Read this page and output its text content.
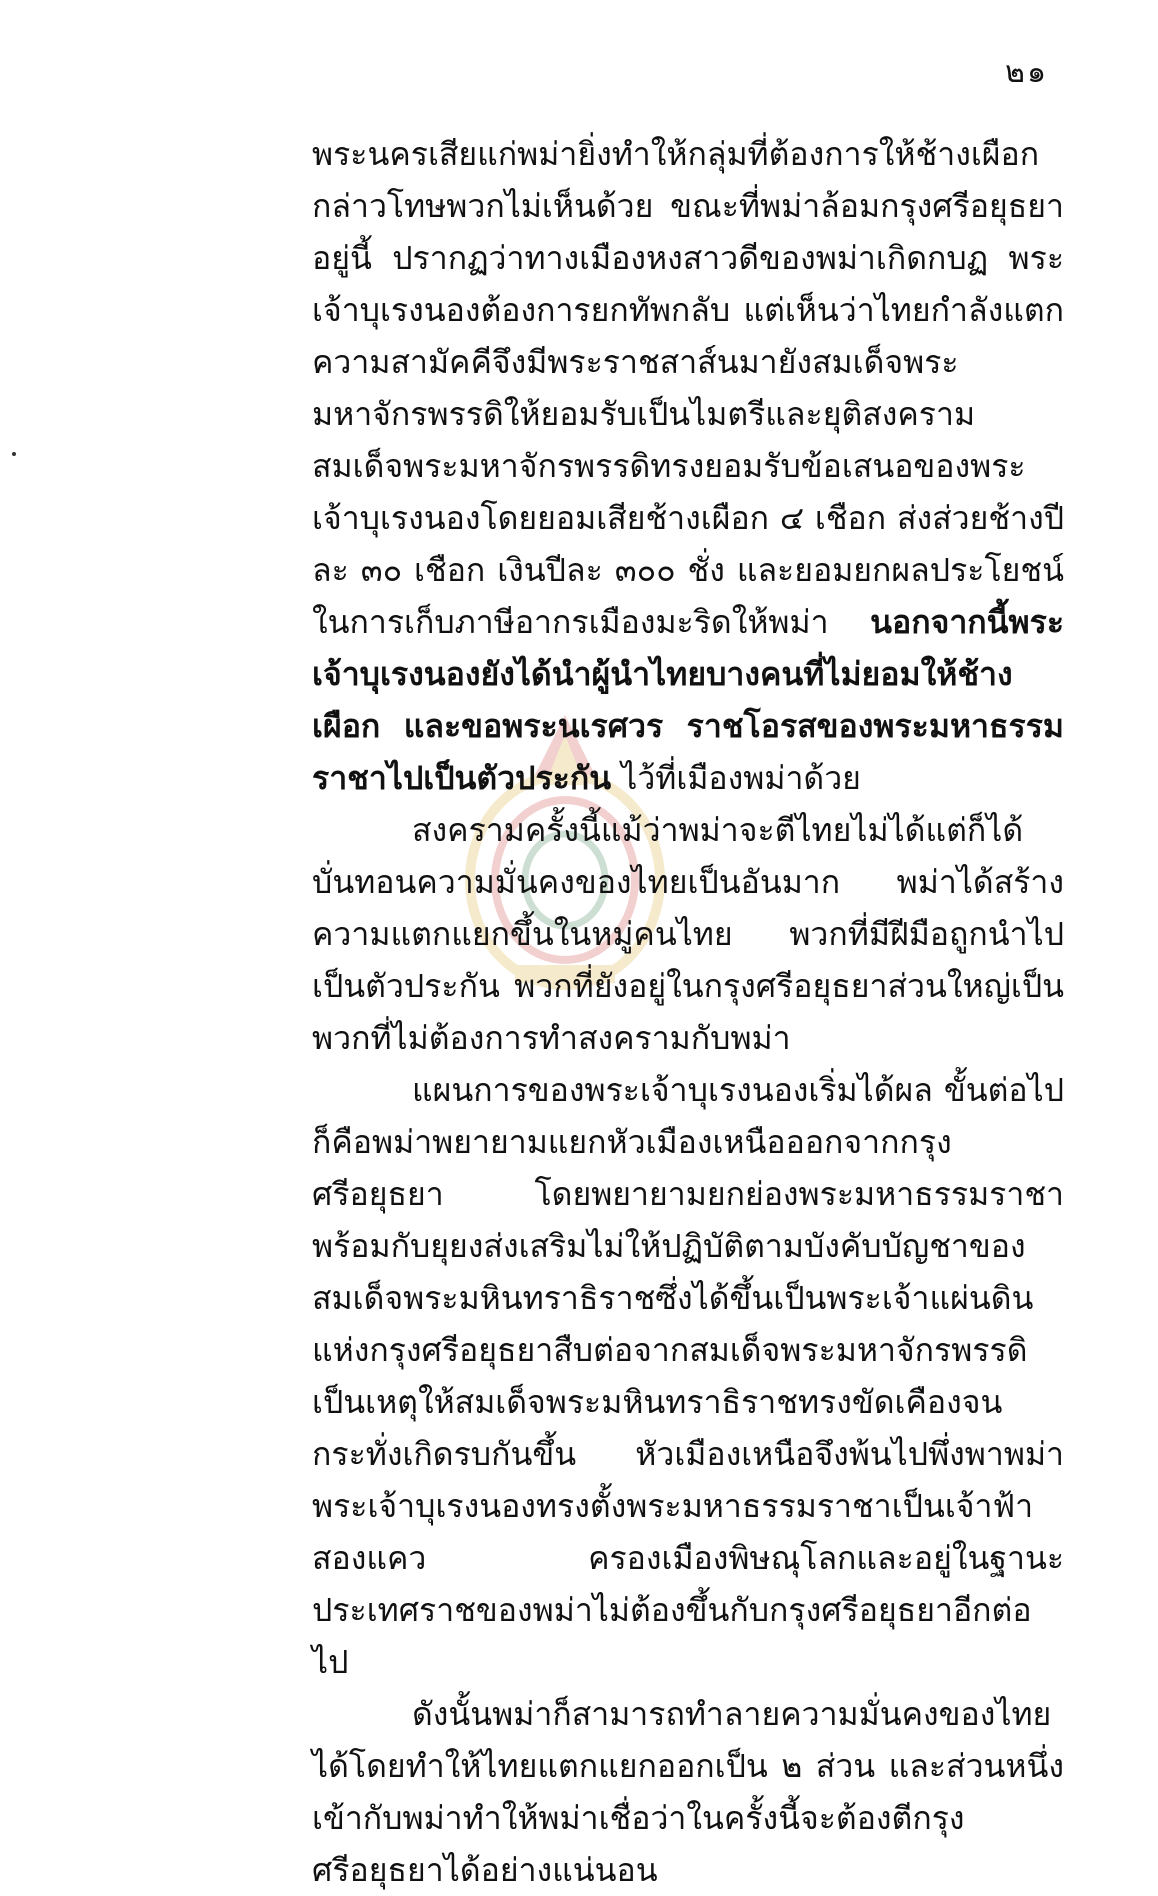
๒๑

พระนครเสียแก่พม่ายิ่งทำให้กลุ่มที่ต้องการให้ช้างเผือกกล่าวโทษพวกไม่เห็นด้วย ขณะที่พม่าล้อมกรุงศรีอยุธยาอยู่นี้ ปรากฏว่าทางเมืองหงสาวดีของพม่าเกิดกบฏ พระเจ้าบุเรงนองต้องการยกทัพกลับ แต่เห็นว่าไทยกำลังแตกความสามัคคีจึงมีพระราชสาส์นมายังสมเด็จพระมหาจักรพรรดิให้ยอมรับเป็นไมตรีและยุติสงคราม สมเด็จพระมหาจักรพรรดิทรงยอมรับข้อเสนอของพระเจ้าบุเรงนองโดยยอมเสียช้างเผือก ๔ เชือก ส่งส่วยช้างปีละ ๓๐ เชือก เงินปีละ ๓๐๐ ชั่ง และยอมยกผลประโยชน์ในการเก็บภาษีอากรเมืองมะริดให้พม่า นอกจากนี้พระเจ้าบุเรงนองยังได้นำผู้นำไทยบางคนที่ไม่ยอมให้ช้างเผือก และขอพระนเรศวร ราชโอรสของพระมหาธรรมราชาไปเป็นตัวประกัน ไว้ที่เมืองพม่าด้วย

สงครามครั้งนี้แม้ว่าพม่าจะตีไทยไม่ได้แต่ก็ได้บั่นทอนความมั่นคงของไทยเป็นอันมาก พม่าได้สร้างความแตกแยกขึ้นในหมู่คนไทย พวกที่มีฝีมือถูกนำไปเป็นตัวประกัน พวกที่ยังอยู่ในกรุงศรีอยุธยาส่วนใหญ่เป็นพวกที่ไม่ต้องการทำสงครามกับพม่า

แผนการของพระเจ้าบุเรงนองเริ่มได้ผล ขั้นต่อไปก็คือพม่าพยายามแยกหัวเมืองเหนือออกจากกรุงศรีอยุธยา โดยพยายามยกย่องพระมหาธรรมราชา พร้อมกับยุยงส่งเสริมไม่ให้ปฏิบัติตามบังคับบัญชาของสมเด็จพระมหินทราธิราชซึ่งได้ขึ้นเป็นพระเจ้าแผ่นดินแห่งกรุงศรีอยุธยาสืบต่อจากสมเด็จพระมหาจักรพรรดิ เป็นเหตุให้สมเด็จพระมหินทราธิราชทรงขัดเคืองจนกระทั่งเกิดรบกันขึ้น หัวเมืองเหนือจึงพ้นไปพึ่งพาพม่า พระเจ้าบุเรงนองทรงตั้งพระมหาธรรมราชาเป็นเจ้าฟ้าสองแคว ครองเมืองพิษณุโลกและอยู่ในฐานะประเทศราชของพม่าไม่ต้องขึ้นกับกรุงศรีอยุธยาอีกต่อไป

ดังนั้นพม่าก็สามารถทำลายความมั่นคงของไทยได้โดยทำให้ไทยแตกแยกออกเป็น ๒ ส่วน และส่วนหนึ่งเข้ากับพม่าทำให้พม่าเชื่อว่าในครั้งนี้จะต้องตีกรุงศรีอยุธยาได้อย่างแน่นอน
